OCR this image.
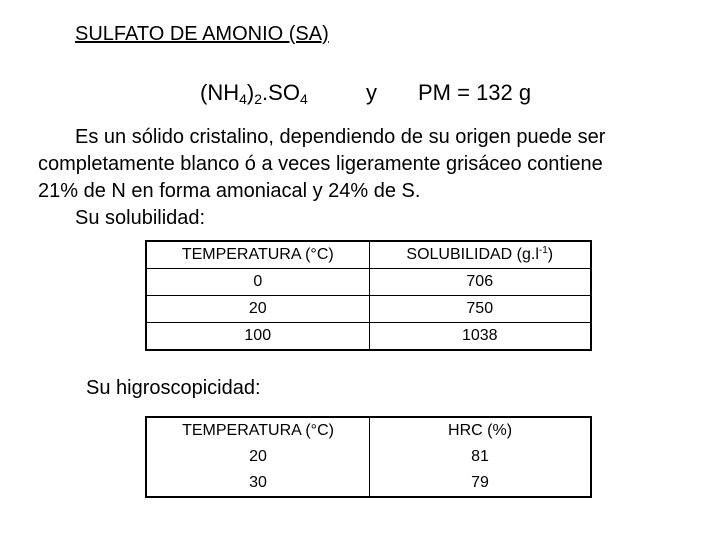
SULFATO DE AMONIO (SA)
$(NH_4)_2.SO_4$	y PM = 132 g
Es un sólido cristalino, dependiendo de su origen puede ser
completamente blanco ó a veces ligeramente grisáceo contiene
21% de N en forma amoniacal y 24% de S.
Su solubilidad:
TEMPERATURA (°C)	SOLUBILIDAD $(g.l^{-1})$
0	706
20	750
100	1038
Su higroscopicidad:
TEMPERATURA (°C)	HRC (%)
20	81
30	79
